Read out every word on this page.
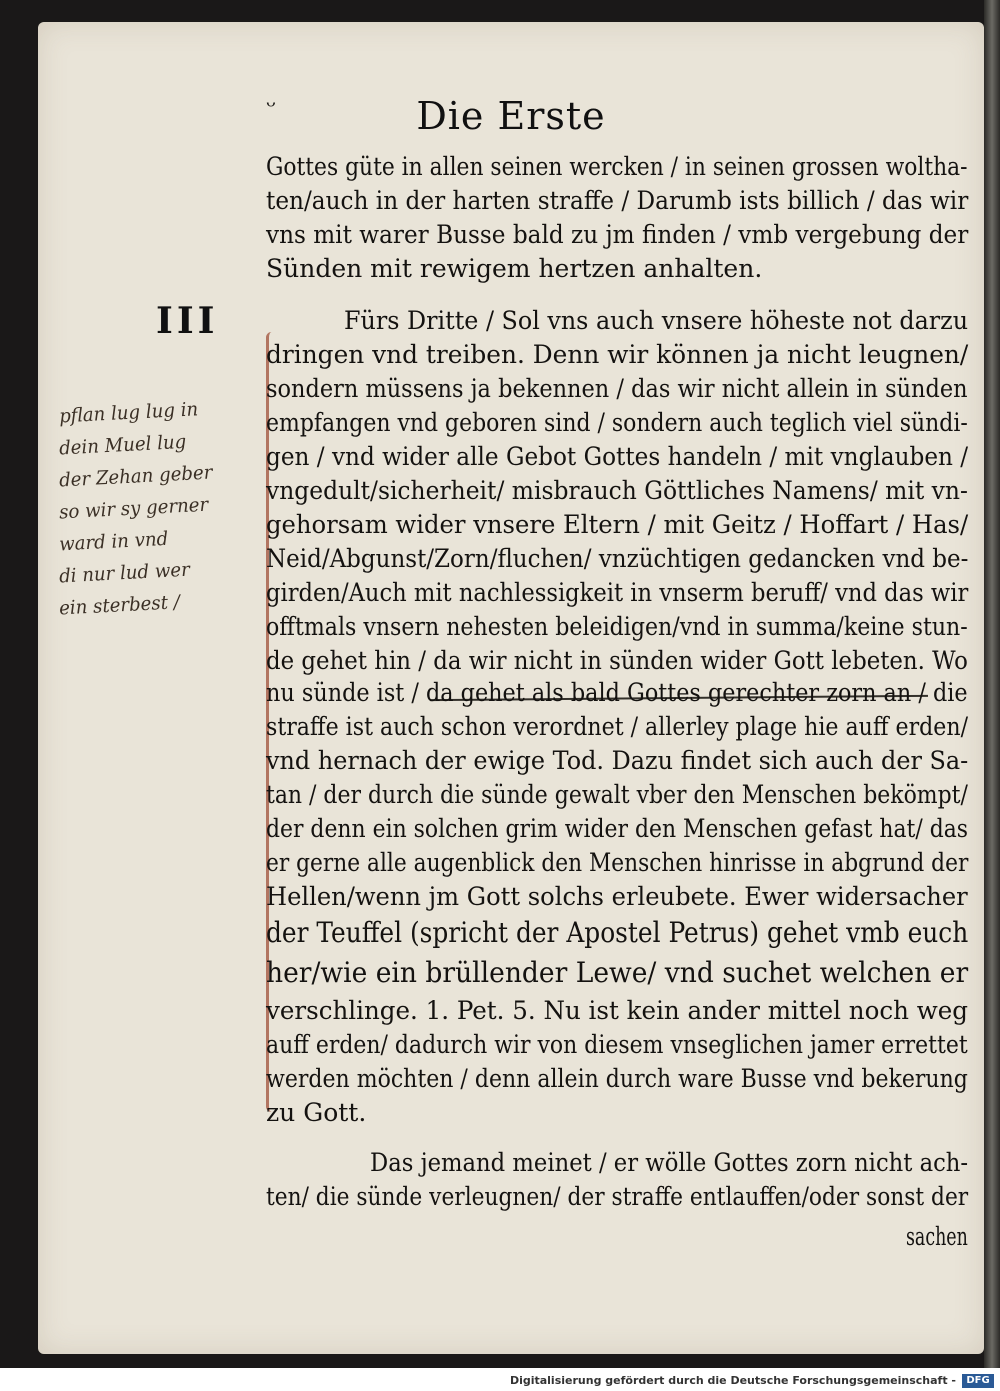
ᵕ	Die Erste
III
pflan lug lug in
dein Muel lug
der Zehan geber
so wir sy gerner
ward in vnd
di nur lud wer
ein sterbest /
Gottes güte in allen seinen wercken / in seinen grossen woltha-
ten/auch in der harten straffe / Darumb ists billich / das wir
vns mit warer Busse bald zu jm finden / vmb vergebung der
Sünden mit rewigem hertzen anhalten.
Fürs Dritte / Sol vns auch vnsere höheste not darzu
dringen vnd treiben. Denn wir können ja nicht leugnen/
sondern müssens ja bekennen / das wir nicht allein in sünden
empfangen vnd geboren sind / sondern auch teglich viel sündi-
gen / vnd wider alle Gebot Gottes handeln / mit vnglauben /
vngedult/sicherheit/ misbrauch Göttliches Namens/ mit vn-
gehorsam wider vnsere Eltern / mit Geitz / Hoffart / Has/
Neid/Abgunst/Zorn/fluchen/ vnzüchtigen gedancken vnd be-
girden/Auch mit nachlessigkeit in vnserm beruff/ vnd das wir
offtmals vnsern nehesten beleidigen/vnd in summa/keine stun-
de gehet hin / da wir nicht in sünden wider Gott lebeten. Wo
nu sünde ist / da gehet als bald Gottes gerechter zorn an / die
straffe ist auch schon verordnet / allerley plage hie auff erden/
vnd hernach der ewige Tod. Dazu findet sich auch der Sa-
tan / der durch die sünde gewalt vber den Menschen bekömpt/
der denn ein solchen grim wider den Menschen gefast hat/ das
er gerne alle augenblick den Menschen hinrisse in abgrund der
Hellen/wenn jm Gott solchs erleubete. Ewer widersacher
der Teuffel (spricht der Apostel Petrus) gehet vmb euch
her/wie ein brüllender Lewe/ vnd suchet welchen er
verschlinge. 1. Pet. 5. Nu ist kein ander mittel noch weg
auff erden/ dadurch wir von diesem vnseglichen jamer errettet
werden möchten / denn allein durch ware Busse vnd bekerung
zu Gott.
Das jemand meinet / er wölle Gottes zorn nicht ach-
ten/ die sünde verleugnen/ der straffe entlauffen/oder sonst der
sachen
Digitalisierung gefördert durch die Deutsche Forschungsgemeinschaft -	DFG
